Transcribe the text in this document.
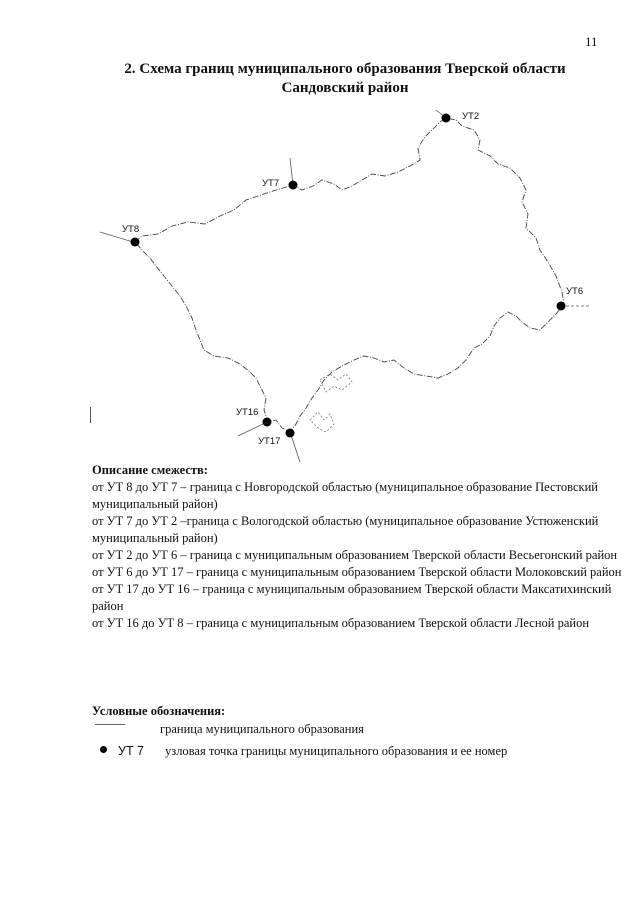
11
2. Схема границ муниципального образования Тверской области
Сандовский район
УТ2
УТ7
УТ8
УТ6
УТ16
УТ17
Описание смежеств:
от УТ 8 до УТ 7 – граница с Новгородской областью (муниципальное образование Пестовский муниципальный район)
от УТ 7 до УТ 2 –граница с Вологодской областью (муниципальное образование Устюженский муниципальный район)
от УТ 2 до УТ 6 – граница с муниципальным образованием Тверской области Весьегонский район
от УТ 6 до УТ 17 – граница с муниципальным образованием Тверской области Молоковский район
от УТ 17 до УТ 16 – граница с муниципальным образованием Тверской области Максатихинский район
от УТ 16 до УТ 8 – граница с муниципальным образованием Тверской области Лесной район
Условные обозначения:
граница муниципального образования
УТ 7 узловая точка границы муниципального образования и ее номер
